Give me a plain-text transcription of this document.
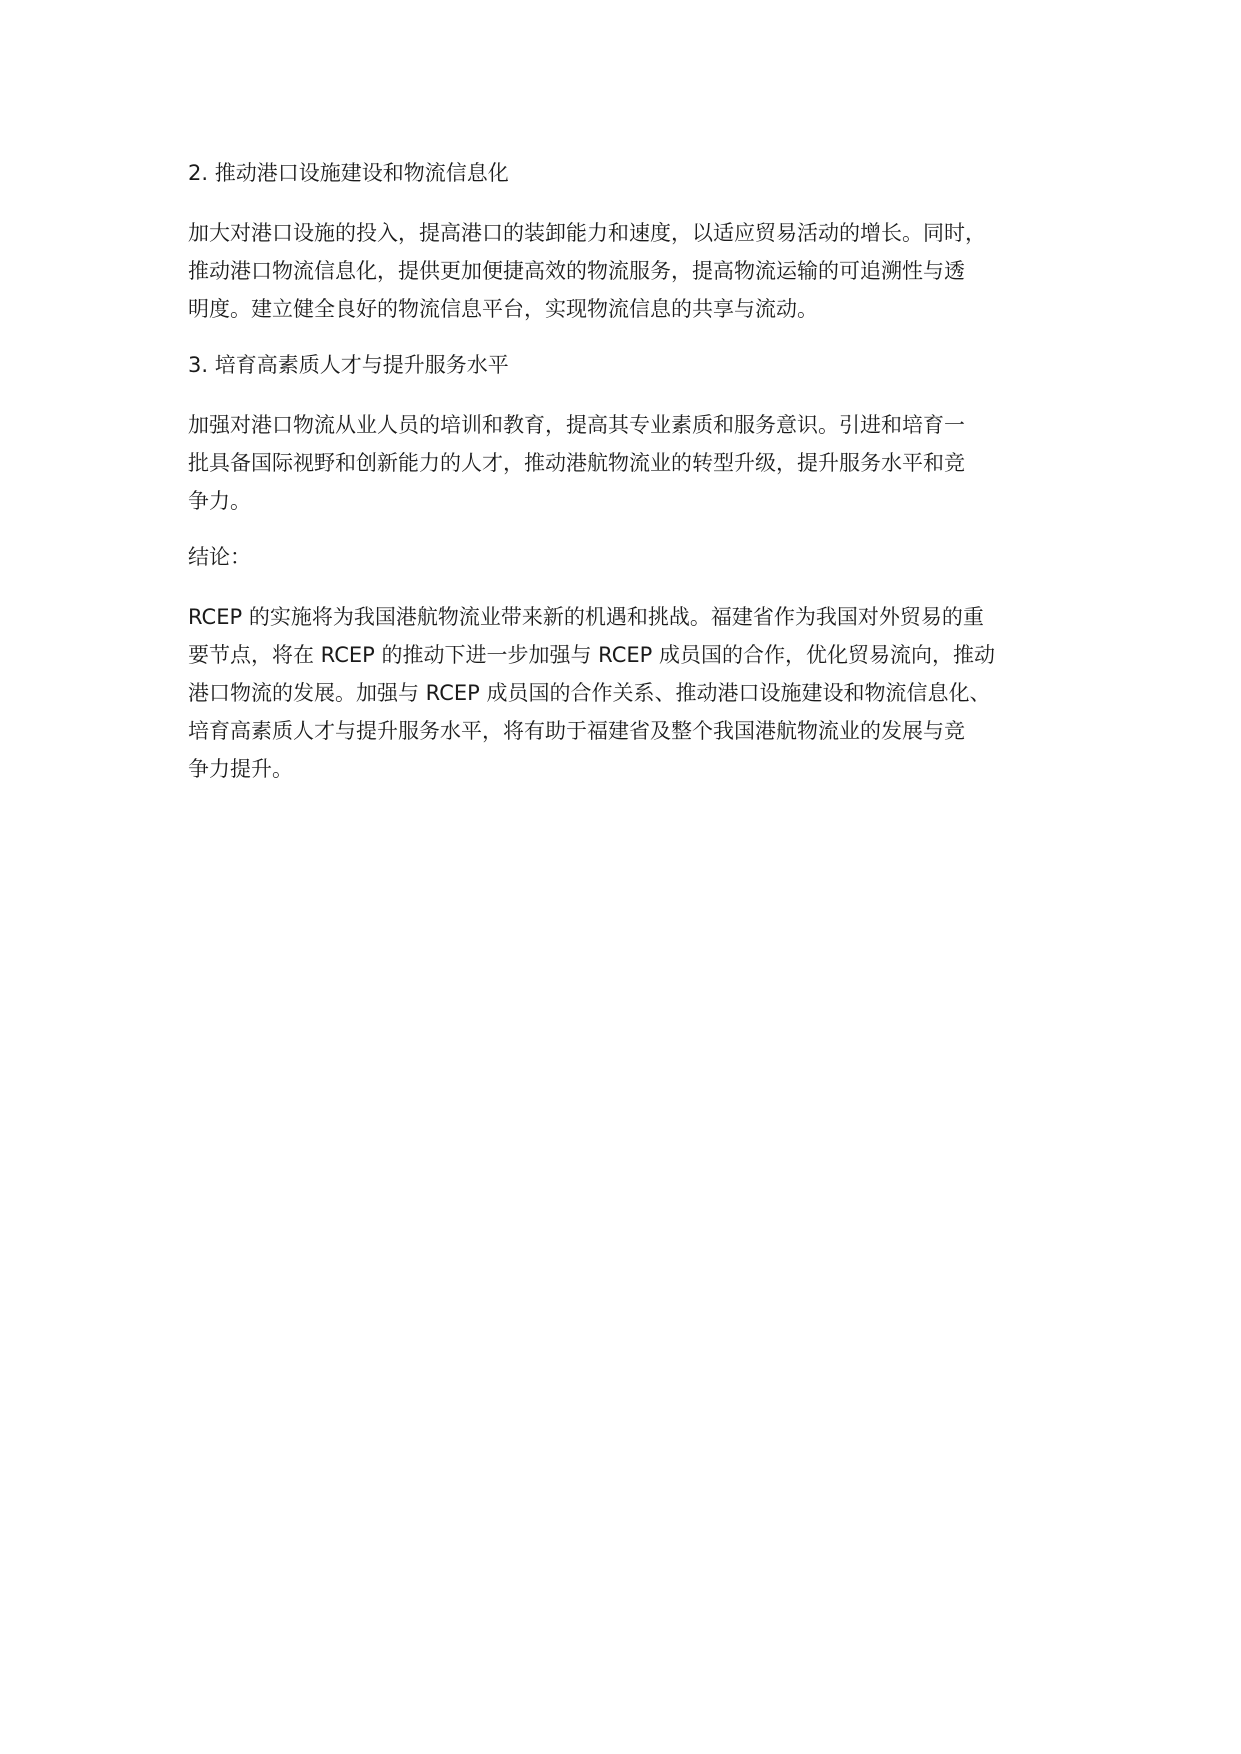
2. 推动港口设施建设和物流信息化
加大对港口设施的投入，提高港口的装卸能力和速度，以适应贸易活动的增长。同时，
推动港口物流信息化，提供更加便捷高效的物流服务，提高物流运输的可追溯性与透
明度。建立健全良好的物流信息平台，实现物流信息的共享与流动。
3. 培育高素质人才与提升服务水平
加强对港口物流从业人员的培训和教育，提高其专业素质和服务意识。引进和培育一
批具备国际视野和创新能力的人才，推动港航物流业的转型升级，提升服务水平和竞
争力。
结论：
RCEP 的实施将为我国港航物流业带来新的机遇和挑战。福建省作为我国对外贸易的重
要节点，将在 RCEP 的推动下进一步加强与 RCEP 成员国的合作，优化贸易流向，推动
港口物流的发展。加强与 RCEP 成员国的合作关系、推动港口设施建设和物流信息化、
培育高素质人才与提升服务水平，将有助于福建省及整个我国港航物流业的发展与竞
争力提升。
